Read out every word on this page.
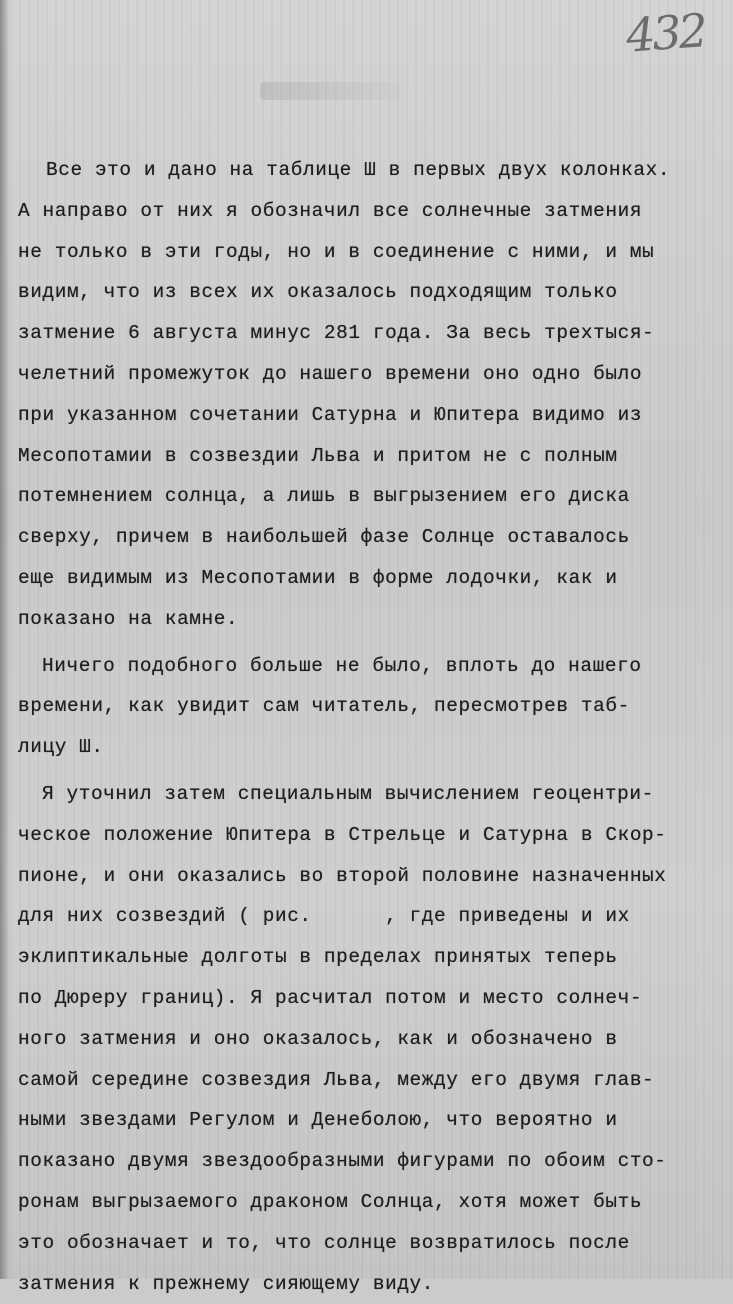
432
Все это и дано на таблице Ш в первых двух колонках.
А направо от них я обозначил все солнечные затмения
не только в эти годы, но и в соединение с ними, и мы
видим, что из всех их оказалось подходящим только
затмение 6 августа минус 281 года. За весь трехтыся-
челетний промежуток до нашего времени оно одно было
при указанном сочетании Сатурна и Юпитера видимо из
Месопотамии в созвездии Льва и притом не с полным
потемнением солнца, а лишь в выгрызением его диска
сверху, причем в наибольшей фазе Солнце оставалось
еще видимым из Месопотамии в форме лодочки, как и
показано на камне.
Ничего подобного больше не было, вплоть до нашего
времени, как увидит сам читатель, пересмотрев таб-
лицу Ш.
Я уточнил затем специальным вычислением геоцентри-
ческое положение Юпитера в Стрельце и Сатурна в Скор-
пионе, и они оказались во второй половине назначенных
для них созвездий ( рис.      , где приведены и их
эклиптикальные долготы в пределах принятых теперь
по Дюреру границ). Я расчитал потом и место солнеч-
ного затмения и оно оказалось, как и обозначено в
самой середине созвездия Льва, между его двумя глав-
ными звездами Регулом и Денеболою, что вероятно и
показано двумя звездообразными фигурами по обоим сто-
ронам выгрызаемого драконом Солнца, хотя может быть
это обозначает и то, что солнце возвратилось после
затмения к прежнему сияющему виду.
